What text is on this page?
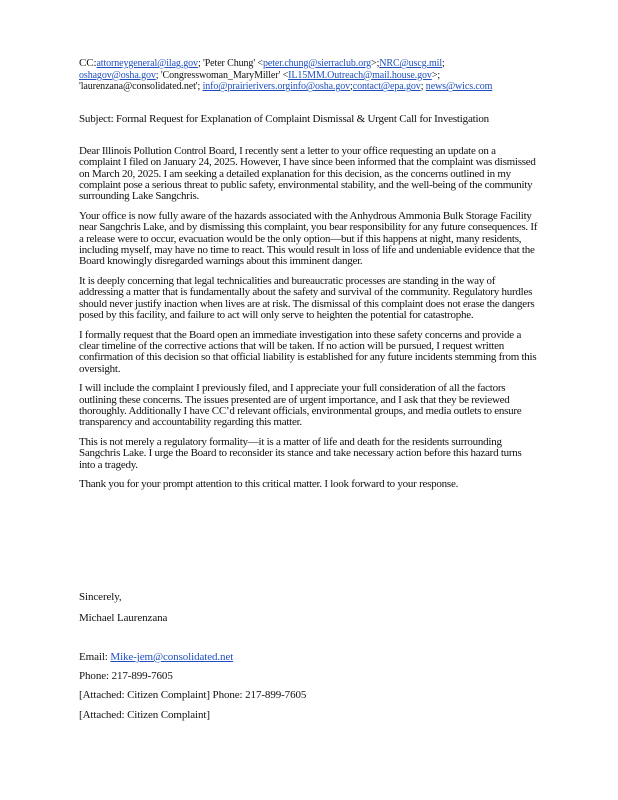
CC:attorneygeneral@ilag.gov; 'Peter Chung' <peter.chung@sierraclub.org>;NRC@uscg.mil; oshagov@osha.gov; 'Congresswoman_MaryMiller' <IL15MM.Outreach@mail.house.gov>; 'laurenzana@consolidated.net'; info@prairierivers.orginfo@osha.gov;contact@epa.gov; news@wics.com
Subject: Formal Request for Explanation of Complaint Dismissal & Urgent Call for Investigation

Dear Illinois Pollution Control Board, I recently sent a letter to your office requesting an update on a complaint I filed on January 24, 2025. However, I have since been informed that the complaint was dismissed on March 20, 2025. I am seeking a detailed explanation for this decision, as the concerns outlined in my complaint pose a serious threat to public safety, environmental stability, and the well-being of the community surrounding Lake Sangchris.

Your office is now fully aware of the hazards associated with the Anhydrous Ammonia Bulk Storage Facility near Sangchris Lake, and by dismissing this complaint, you bear responsibility for any future consequences. If a release were to occur, evacuation would be the only option—but if this happens at night, many residents, including myself, may have no time to react. This would result in loss of life and undeniable evidence that the Board knowingly disregarded warnings about this imminent danger.

It is deeply concerning that legal technicalities and bureaucratic processes are standing in the way of addressing a matter that is fundamentally about the safety and survival of the community. Regulatory hurdles should never justify inaction when lives are at risk. The dismissal of this complaint does not erase the dangers posed by this facility, and failure to act will only serve to heighten the potential for catastrophe.

I formally request that the Board open an immediate investigation into these safety concerns and provide a clear timeline of the corrective actions that will be taken. If no action will be pursued, I request written confirmation of this decision so that official liability is established for any future incidents stemming from this oversight.

I will include the complaint I previously filed, and I appreciate your full consideration of all the factors outlining these concerns. The issues presented are of urgent importance, and I ask that they be reviewed thoroughly. Additionally I have CC’d relevant officials, environmental groups, and media outlets to ensure transparency and accountability regarding this matter.

This is not merely a regulatory formality—it is a matter of life and death for the residents surrounding Sangchris Lake. I urge the Board to reconsider its stance and take necessary action before this hazard turns into a tragedy.

Thank you for your prompt attention to this critical matter. I look forward to your response.

Sincerely,
Michael Laurenzana
Email: Mike-jem@consolidated.net
Phone: 217-899-7605
[Attached: Citizen Complaint] Phone: 217-899-7605
[Attached: Citizen Complaint]
